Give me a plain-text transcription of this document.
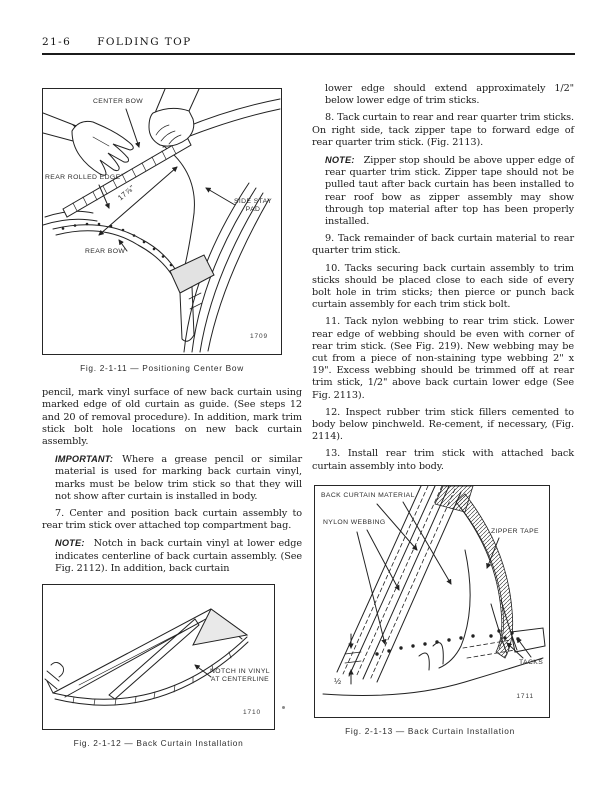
21-6 FOLDING TOP
CENTER BOW
REAR ROLLED EDGE
SIDE STAY PAD
REAR BOW
17⅞"
1709
Fig. 2-1-11 — Positioning Center Bow

pencil, mark vinyl surface of new back curtain using marked edge of old curtain as guide. (See steps 12 and 20 of removal procedure). In addition, mark trim stick bolt hole locations on new back curtain assembly.

IMPORTANT: Where a grease pencil or similar material is used for marking back curtain vinyl, marks must be below trim stick so that they will not show after curtain is installed in body.

7. Center and position back curtain assembly to rear trim stick over attached top compartment bag.

NOTE: Notch in back curtain vinyl at lower edge indicates centerline of back curtain assembly. (See Fig. 2112). In addition, back curtain

NOTCH IN VINYL AT CENTERLINE
1710
Fig. 2-1-12 — Back Curtain Installation

lower edge should extend approximately 1/2" below lower edge of trim sticks.

8. Tack curtain to rear and rear quarter trim sticks. On right side, tack zipper tape to forward edge of rear quarter trim stick. (Fig. 2113).

NOTE: Zipper stop should be above upper edge of rear quarter trim stick. Zipper tape should not be pulled taut after back curtain has been installed to rear roof bow as zipper assembly may show through top material after top has been properly installed.

9. Tack remainder of back curtain material to rear quarter trim stick.

10. Tacks securing back curtain assembly to trim sticks should be placed close to each side of every bolt hole in trim sticks; then pierce or punch back curtain assembly for each trim stick bolt.

11. Tack nylon webbing to rear trim stick. Lower rear edge of webbing should be even with corner of rear trim stick. (See Fig. 219). New webbing may be cut from a piece of non-staining type webbing 2" x 19". Excess webbing should be trimmed off at rear trim stick, 1/2" above back curtain lower edge (See Fig. 2113).

12. Inspect rubber trim stick fillers cemented to body below pinchweld. Re-cement, if necessary, (Fig. 2114).

13. Install rear trim stick with attached back curtain assembly into body.

BACK CURTAIN MATERIAL
NYLON WEBBING
ZIPPER TAPE
TACKS
½
1711
Fig. 2-1-13 — Back Curtain Installation
